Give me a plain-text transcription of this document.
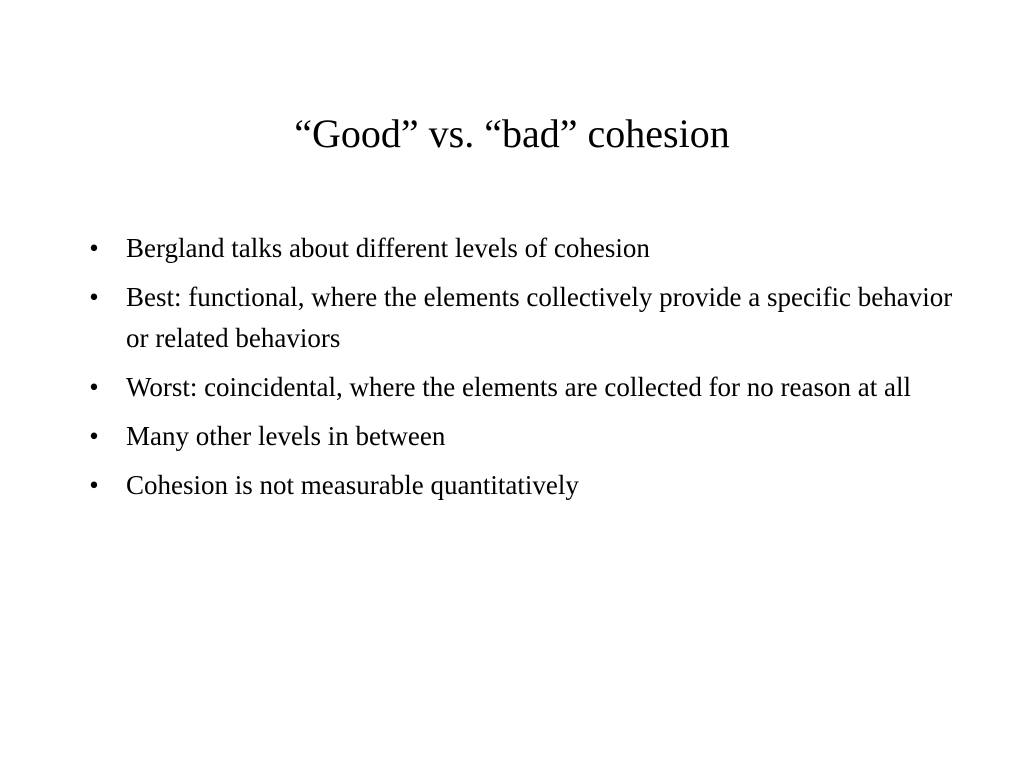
“Good” vs. “bad” cohesion
• Bergland talks about different levels of cohesion
• Best: functional, where the elements collectively provide a specific behavior or related behaviors
• Worst: coincidental, where the elements are collected for no reason at all
• Many other levels in between
• Cohesion is not measurable quantitatively
